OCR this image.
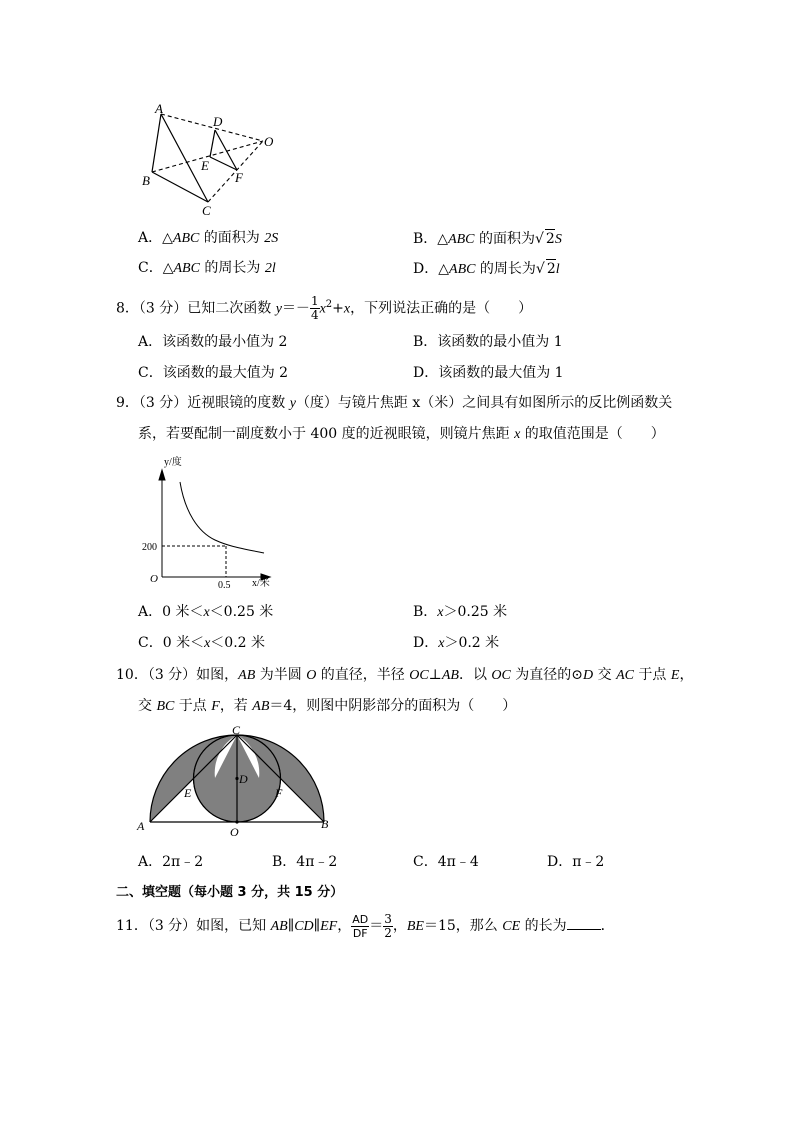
A
B
C
D
E
F
O
A．△ABC 的面积为 2S	B．△ABC 的面积为√ 2S
C．△ABC 的周长为 2l	D．△ABC 的周长为√ 2l
8．（3 分）已知二次函数 $y=- \frac{1}{4} x^2+x$，下列说法正确的是（　　）
A．该函数的最小值为 2	B．该函数的最小值为 1
C．该函数的最大值为 2	D．该函数的最大值为 1
9．（3 分）近视眼镜的度数 y（度）与镜片焦距 x（米）之间具有如图所示的反比例函数关
系，若要配制一副度数小于 400 度的近视眼镜，则镜片焦距 x 的取值范围是（　　）
y/度
200
0.5 x/米
O
A．0 米＜x＜0.25 米	B．x＞0.25 米
C．0 米＜x＜0.2 米	D．x＞0.2 米
10．（3 分）如图，AB 为半圆 O 的直径，半径 OC⊥AB．以 OC 为直径的⊙D 交 AC 于点 E，
交 BC 于点 F，若 AB＝4，则图中阴影部分的面积为（　　）
A	B
C
D
E	F
O
A．2π﹣2	B．4π﹣2	C．4π﹣4	D．π﹣2
二、填空题（每小题 3 分，共 15 分）
11．（3 分）如图，已知 AB∥CD∥EF， $\frac{AD}{DF} = \frac{3}{2}$ ，BE＝15，那么 CE 的长为 ．
